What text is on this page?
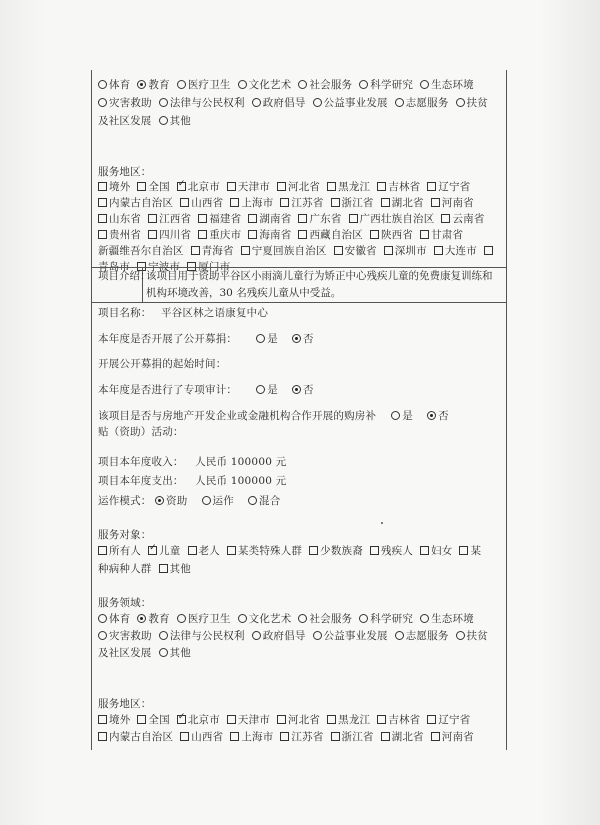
体育 教育 医疗卫生 文化艺术 社会服务 科学研究 生态环境
灾害救助 法律与公民权利 政府倡导 公益事业发展 志愿服务 扶贫
及社区发展 其他
服务地区：
境外 全国 ✓ 北京市 天津市 河北省 黑龙江 吉林省 辽宁省
内蒙古自治区 山西省 上海市 江苏省 浙江省 湖北省 河南省
山东省 江西省 福建省 湖南省 广东省 广西壮族自治区 云南省
贵州省 四川省 重庆市 海南省 西藏自治区 陕西省 甘肃省
新疆维吾尔自治区 青海省 宁夏回族自治区 安徽省 深圳市 大连市
青岛市 宁波市 厦门市
项目介绍：
该项目用于资助平谷区小雨滴儿童行为矫正中心残疾儿童的免费康复训练和
机构环境改善，30 名残疾儿童从中受益。
项目名称： 平谷区林之语康复中心
本年度是否开展了公开募捐：	是 否
开展公开募捐的起始时间：
本年度是否进行了专项审计：	是 否
该项目是否与房地产开发企业或金融机构合作开展的购房补 是 否
贴（资助）活动：
项目本年度收入： 人民币 100000 元
项目本年度支出： 人民币 100000 元
运作模式： 资助 运作 混合
服务对象：
所有人 ✓ 儿童 老人 某类特殊人群 少数族裔 残疾人 妇女 某
种病种人群 其他
服务领域：
体育 教育 医疗卫生 文化艺术 社会服务 科学研究 生态环境
灾害救助 法律与公民权利 政府倡导 公益事业发展 志愿服务 扶贫
及社区发展 其他
服务地区：
境外 全国 ✓ 北京市 天津市 河北省 黑龙江 吉林省 辽宁省
内蒙古自治区 山西省 上海市 江苏省 浙江省 湖北省 河南省
